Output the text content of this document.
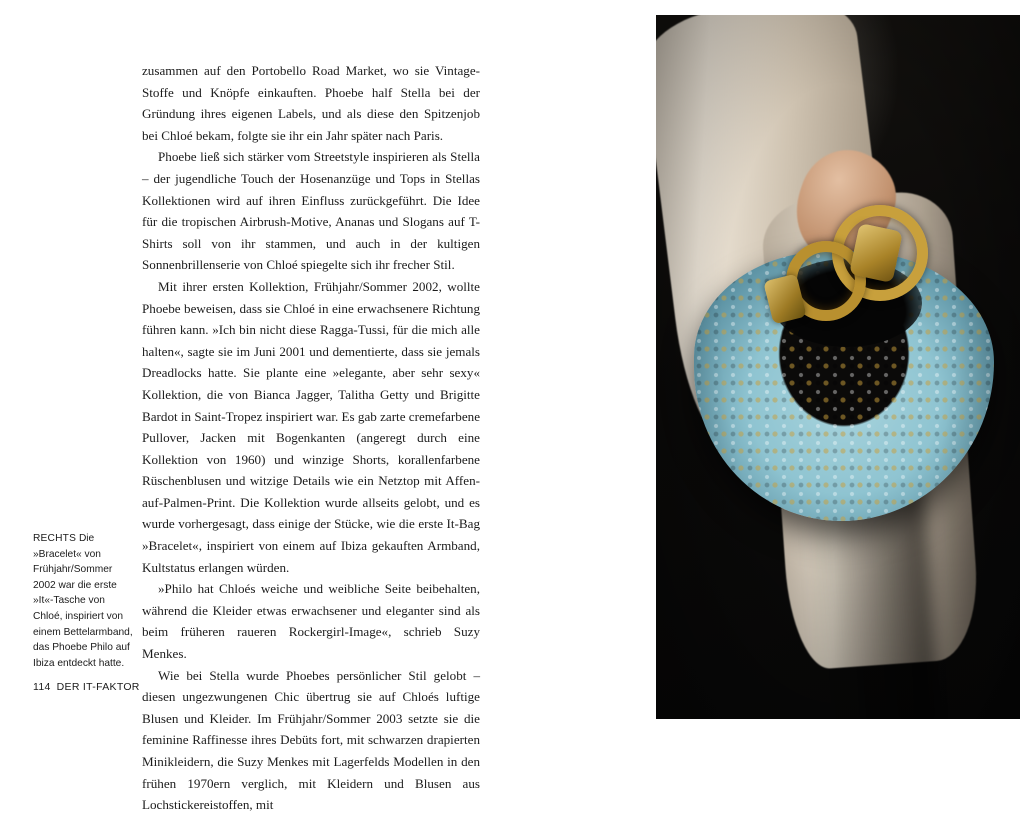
zusammen auf den Portobello Road Market, wo sie Vintage-Stoffe und Knöpfe einkauften. Phoebe half Stella bei der Gründung ihres eigenen Labels, und als diese den Spitzenjob bei Chloé bekam, folgte sie ihr ein Jahr später nach Paris.

Phoebe ließ sich stärker vom Streetstyle inspirieren als Stella – der jugendliche Touch der Hosenanzüge und Tops in Stellas Kollektionen wird auf ihren Einfluss zurückgeführt. Die Idee für die tropischen Airbrush-Motive, Ananas und Slogans auf T-Shirts soll von ihr stammen, und auch in der kultigen Sonnenbrillenserie von Chloé spiegelte sich ihr frecher Stil.

Mit ihrer ersten Kollektion, Frühjahr/Sommer 2002, wollte Phoebe beweisen, dass sie Chloé in eine erwachsenere Richtung führen kann. »Ich bin nicht diese Ragga-Tussi, für die mich alle halten«, sagte sie im Juni 2001 und dementierte, dass sie jemals Dreadlocks hatte. Sie plante eine »elegante, aber sehr sexy« Kollektion, die von Bianca Jagger, Talitha Getty und Brigitte Bardot in Saint-Tropez inspiriert war. Es gab zarte cremefarbene Pullover, Jacken mit Bogenkanten (angeregt durch eine Kollektion von 1960) und winzige Shorts, korallenfarbene Rüschenblusen und witzige Details wie ein Netztop mit Affen-auf-Palmen-Print. Die Kollektion wurde allseits gelobt, und es wurde vorhergesagt, dass einige der Stücke, wie die erste It-Bag »Bracelet«, inspiriert von einem auf Ibiza gekauften Armband, Kultstatus erlangen würden.

»Philo hat Chloés weiche und weibliche Seite beibehalten, während die Kleider etwas erwachsener und eleganter sind als beim früheren raueren Rockergirl-Image«, schrieb Suzy Menkes.

Wie bei Stella wurde Phoebes persönlicher Stil gelobt – diesen ungezwungenen Chic übertrug sie auf Chloés luftige Blusen und Kleider. Im Frühjahr/Sommer 2003 setzte sie die feminine Raffinesse ihres Debüts fort, mit schwarzen drapierten Minikleidern, die Suzy Menkes mit Lagerfelds Modellen in den frühen 1970ern verglich, mit Kleidern und Blusen aus Lochstickereistoffen, mit

RECHTS Die »Bracelet« von Frühjahr/Sommer 2002 war die erste »It«-Tasche von Chloé, inspiriert von einem Bettelarmband, das Phoebe Philo auf Ibiza entdeckt hatte.
114 DER IT-FAKTOR
